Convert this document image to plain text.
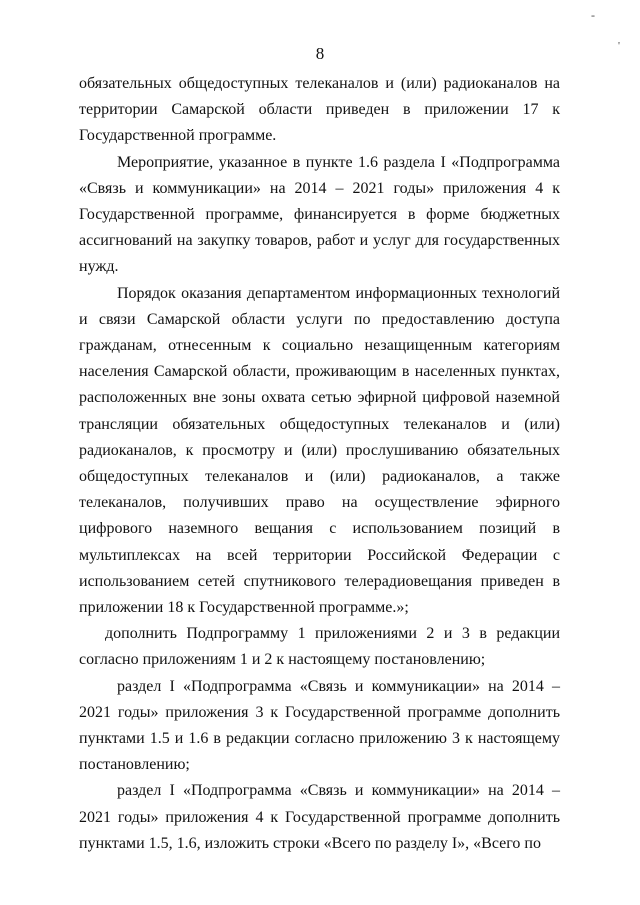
-
'
8

обязательных общедоступных телеканалов и (или) радиоканалов на территории Самарской области приведен в приложении 17 к Государственной программе.

Мероприятие, указанное в пункте 1.6 раздела I «Подпрограмма «Связь и коммуникации» на 2014 – 2021 годы» приложения 4 к Государственной программе, финансируется в форме бюджетных ассигнований на закупку товаров, работ и услуг для государственных нужд.

Порядок оказания департаментом информационных технологий и связи Самарской области услуги по предоставлению доступа гражданам, отнесенным к социально незащищенным категориям населения Самарской области, проживающим в населенных пунктах, расположенных вне зоны охвата сетью эфирной цифровой наземной трансляции обязательных общедоступных телеканалов и (или) радиоканалов, к просмотру и (или) прослушиванию обязательных общедоступных телеканалов и (или) радиоканалов, а также телеканалов, получивших право на осуществление эфирного цифрового наземного вещания с использованием позиций в мультиплексах на всей территории Российской Федерации с использованием сетей спутникового телерадиовещания приведен в приложении 18 к Государственной программе.»;

дополнить Подпрограмму 1 приложениями 2 и 3 в редакции согласно приложениям 1 и 2 к настоящему постановлению;

раздел I «Подпрограмма «Связь и коммуникации» на 2014 – 2021 годы» приложения 3 к Государственной программе дополнить пунктами 1.5 и 1.6 в редакции согласно приложению 3 к настоящему постановлению;

раздел I «Подпрограмма «Связь и коммуникации» на 2014 – 2021 годы» приложения 4 к Государственной программе дополнить пунктами 1.5, 1.6, изложить строки «Всего по разделу I», «Всего по
